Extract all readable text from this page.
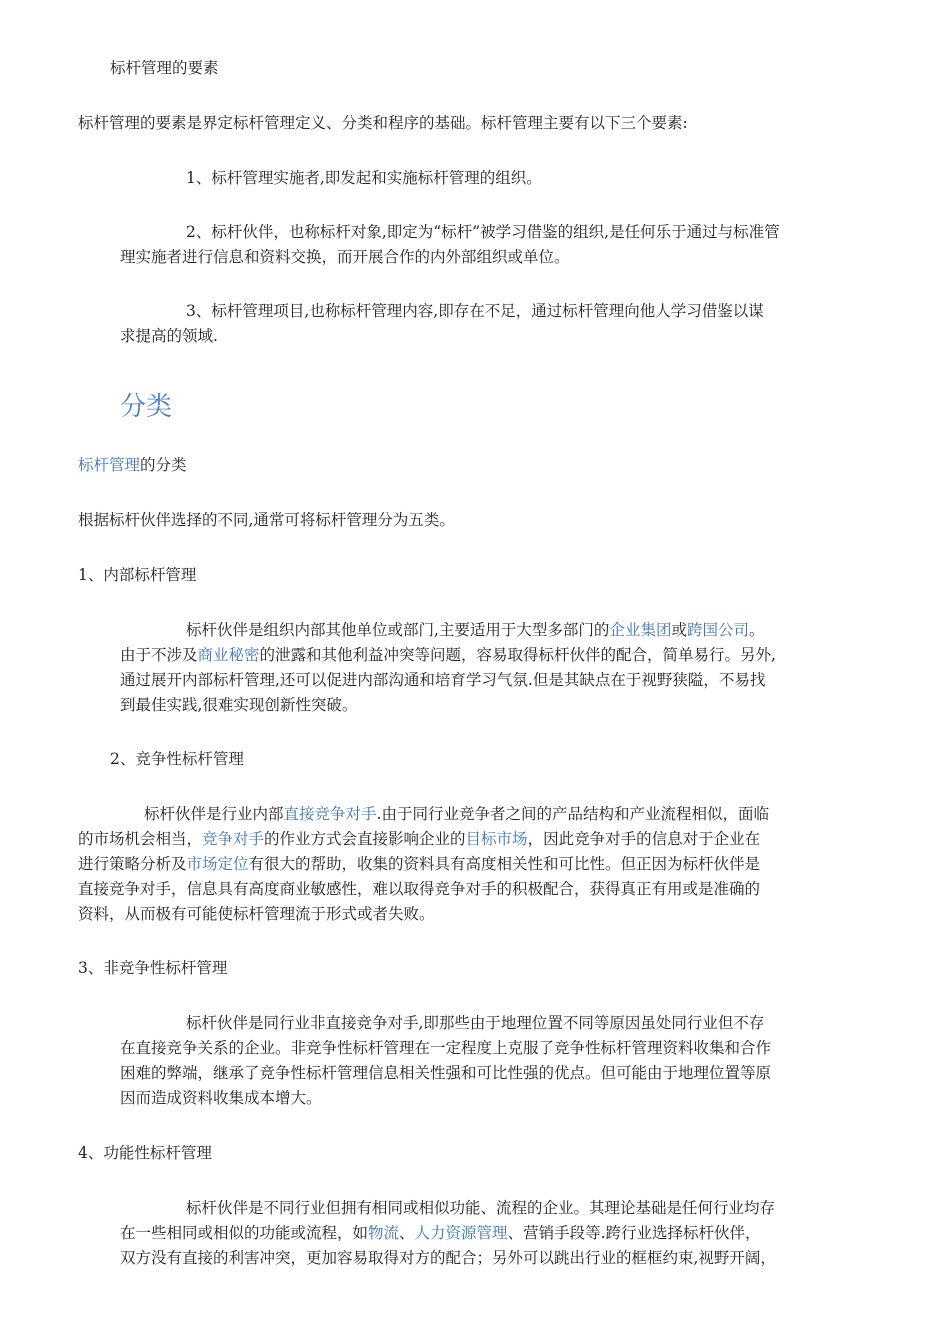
标杆管理的要素
标杆管理的要素是界定标杆管理定义、分类和程序的基础。标杆管理主要有以下三个要素:
1、标杆管理实施者,即发起和实施标杆管理的组织。
2、标杆伙伴，也称标杆对象,即定为“标杆”被学习借鉴的组织,是任何乐于通过与标准管
理实施者进行信息和资料交换，而开展合作的内外部组织或单位。
3、标杆管理项目,也称标杆管理内容,即存在不足，通过标杆管理向他人学习借鉴以谋
求提高的领域.
分类
标杆管理的分类
根据标杆伙伴选择的不同,通常可将标杆管理分为五类。
1、内部标杆管理
标杆伙伴是组织内部其他单位或部门,主要适用于大型多部门的企业集团或跨国公司。
由于不涉及商业秘密的泄露和其他利益冲突等问题，容易取得标杆伙伴的配合，简单易行。另外,
通过展开内部标杆管理,还可以促进内部沟通和培育学习气氛.但是其缺点在于视野狭隘，不易找
到最佳实践,很难实现创新性突破。
2、竞争性标杆管理
标杆伙伴是行业内部直接竞争对手.由于同行业竞争者之间的产品结构和产业流程相似，面临
的市场机会相当，竞争对手的作业方式会直接影响企业的目标市场，因此竞争对手的信息对于企业在
进行策略分析及市场定位有很大的帮助，收集的资料具有高度相关性和可比性。但正因为标杆伙伴是
直接竞争对手，信息具有高度商业敏感性，难以取得竞争对手的积极配合，获得真正有用或是准确的
资料，从而极有可能使标杆管理流于形式或者失败。
3、非竞争性标杆管理
标杆伙伴是同行业非直接竞争对手,即那些由于地理位置不同等原因虽处同行业但不存
在直接竞争关系的企业。非竞争性标杆管理在一定程度上克服了竞争性标杆管理资料收集和合作
困难的弊端，继承了竞争性标杆管理信息相关性强和可比性强的优点。但可能由于地理位置等原
因而造成资料收集成本增大。
4、功能性标杆管理
标杆伙伴是不同行业但拥有相同或相似功能、流程的企业。其理论基础是任何行业均存
在一些相同或相似的功能或流程，如物流、人力资源管理、营销手段等.跨行业选择标杆伙伴，
双方没有直接的利害冲突，更加容易取得对方的配合；另外可以跳出行业的框框约束,视野开阔，
